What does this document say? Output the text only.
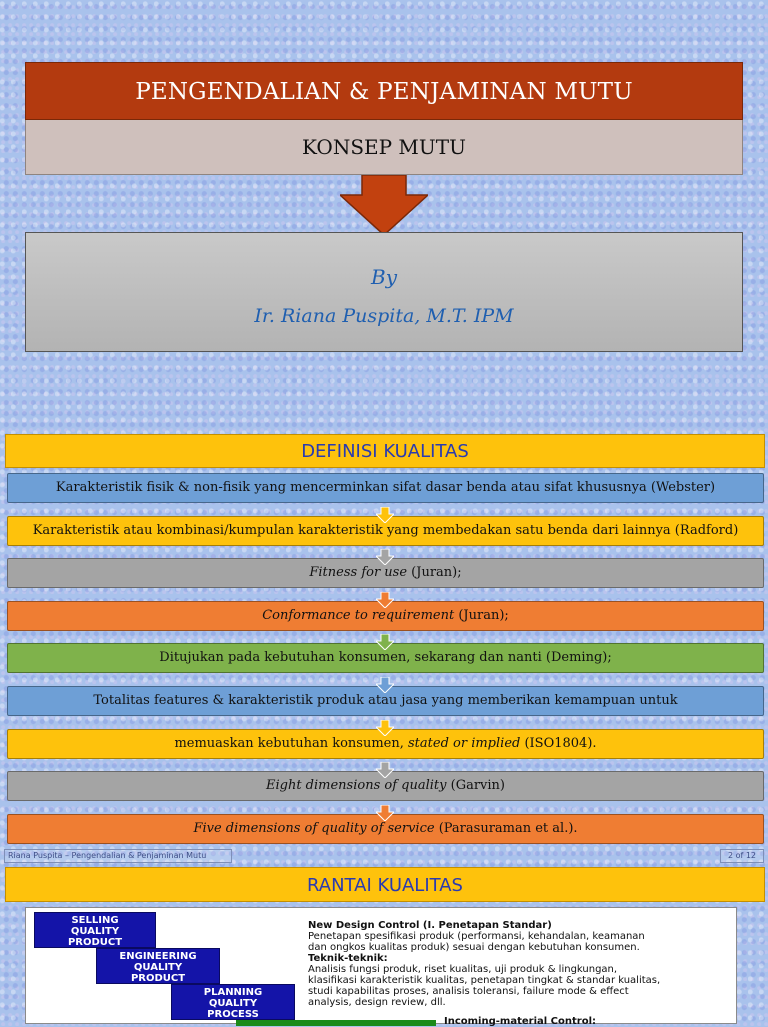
PENGENDALIAN & PENJAMINAN MUTU
KONSEP MUTU
By
Ir. Riana Puspita, M.T. IPM
DEFINISI KUALITAS
Karakteristik fisik & non-fisik yang mencerminkan sifat dasar benda atau sifat khususnya (Webster)
Karakteristik atau kombinasi/kumpulan karakteristik yang membedakan satu benda dari lainnya (Radford)
Fitness for use (Juran);
Conformance to requirement (Juran);
Ditujukan pada kebutuhan konsumen, sekarang dan nanti (Deming);
Totalitas features & karakteristik produk atau jasa yang memberikan kemampuan untuk
memuaskan kebutuhan konsumen, stated or implied (ISO1804).
Eight dimensions of quality (Garvin)
Five dimensions of quality of service (Parasuraman et al.).
Riana Puspita – Pengendalian & Penjaminan Mutu	2 of 12
RANTAI KUALITAS
SELLING
QUALITY
PRODUCT
ENGINEERING
QUALITY
PRODUCT
PLANNING
QUALITY
PROCESS
New Design Control (I. Penetapan Standar)
Penetapan spesifikasi produk (performansi, kehandalan, keamanan
dan ongkos kualitas produk) sesuai dengan kebutuhan konsumen.
Teknik-teknik:
Analisis fungsi produk, riset kualitas, uji produk & lingkungan,
klasifikasi karakteristik kualitas, penetapan tingkat & standar kualitas,
studi kapabilitas proses, analisis toleransi, failure mode & effect
analysis, design review, dll.
Incoming-material Control:
